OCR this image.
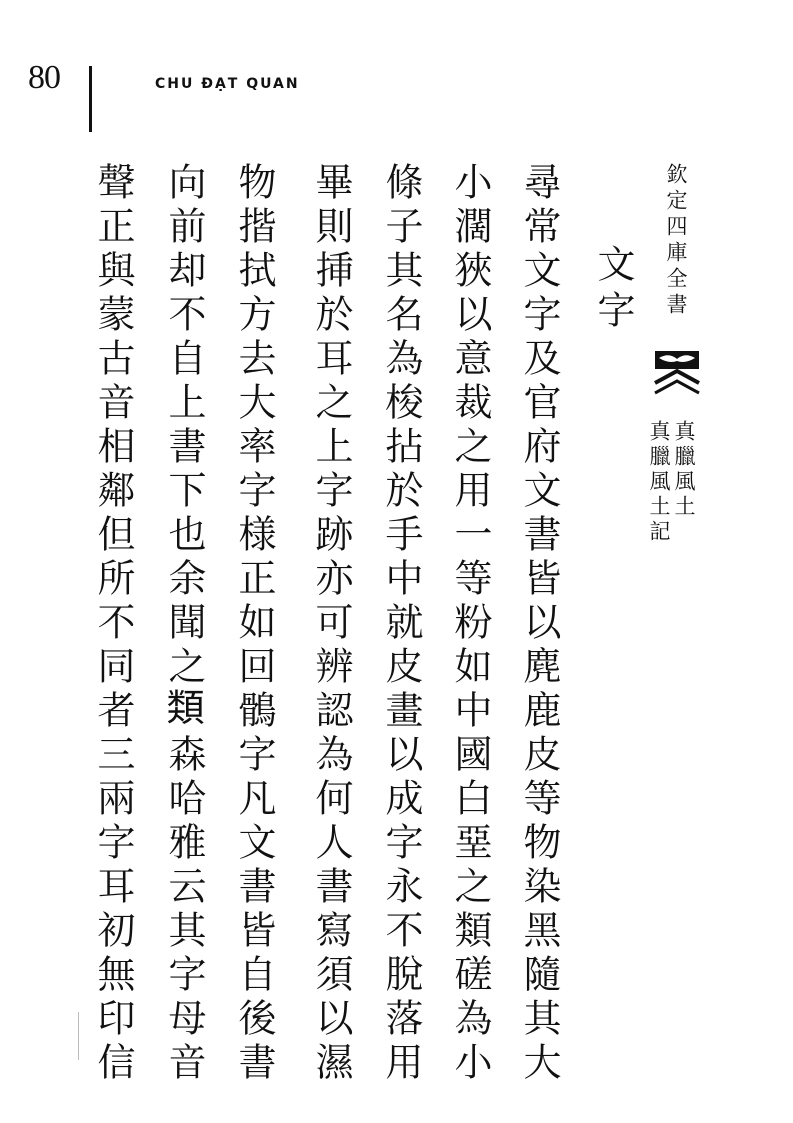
80	CHU ĐẠT QUAN
欽定四庫全書
真臘風土
真臘風土記
文字
尋常文字及官府文書皆以麂鹿皮等物染黑隨其大
小濶狹以意裁之用一等粉如中國白堊之類磋為小
條子其名為梭拈於手中就皮畫以成字永不脫落用
畢則挿於耳之上字跡亦可辨認為何人書寫須以濕
物揩拭方去大率字様正如回鶻字凡文書皆自後書
向前却不自上書下也余聞之𩔖森哈雅云其字母音
聲正與蒙古音相鄰但所不同者三兩字耳初無印信
